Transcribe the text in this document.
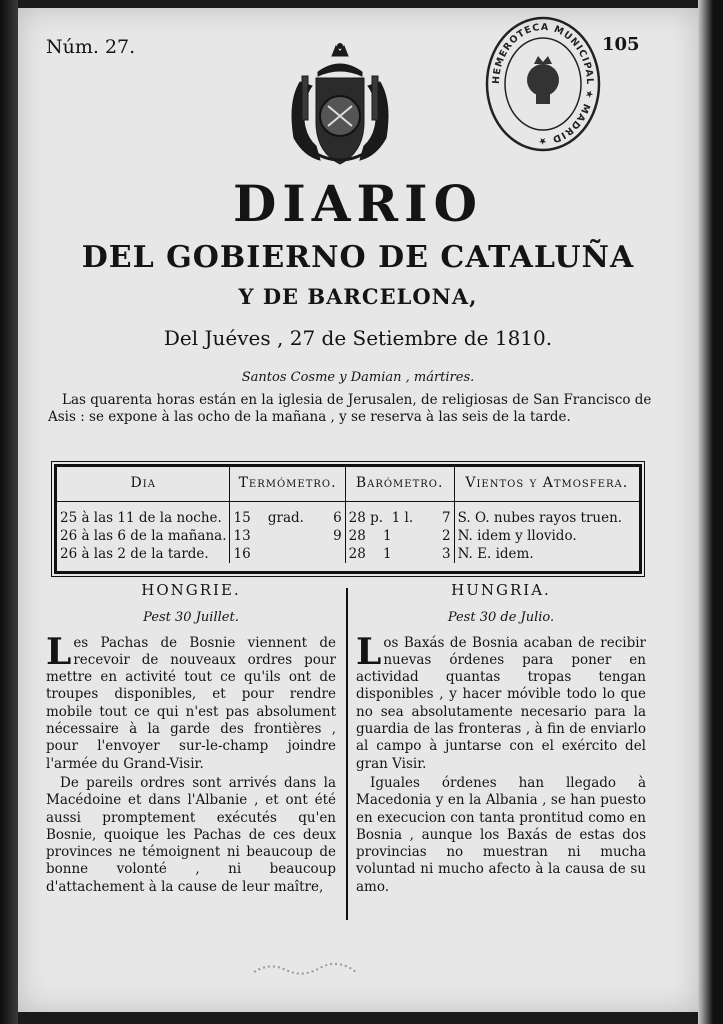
Núm. 27.	105
HEMEROTECA MUNICIPAL ★ MADRID ★
DIARIO
DEL GOBIERNO DE CATALUÑA
Y DE BARCELONA,
Del Juéves , 27 de Setiembre de 1810.
Santos Cosme y Damian , mártires.
Las quarenta horas están en la iglesia de Jerusalen, de religiosas de San Francisco de Asis : se expone à las ocho de la mañana , y se reserva à las seis de la tarde.
Dia	Termómetro.	Barómetro.	Vientos y Atmosfera.
25 à las 11 de la noche.	15 grad. 6	28 p. 1 l. 7	S. O. nubes rayos truen.
26 à las 6 de la mañana.	13 9	28 1 2	N. idem y llovido.
26 à las 2 de la tarde.	16	28 1 3	N. E. idem.
HONGRIE.
Pest 30 Juillet.

Les Pachas de Bosnie viennent de recevoir de nouveaux ordres pour mettre en activité tout ce qu'ils ont de troupes disponibles, et pour rendre mobile tout ce qui n'est pas absolument nécessaire à la garde des frontières , pour l'envoyer sur-le-champ joindre l'armée du Grand-Visir.

De pareils ordres sont arrivés dans la Macédoine et dans l'Albanie , et ont été aussi promptement exécutés qu'en Bosnie, quoique les Pachas de ces deux provinces ne témoignent ni beaucoup de bonne volonté , ni beaucoup d'attachement à la cause de leur maître,

HUNGRIA.
Pest 30 de Julio.

Los Baxás de Bosnia acaban de recibir nuevas órdenes para poner en actividad quantas tropas tengan disponibles , y hacer móvible todo lo que no sea absolutamente necesario para la guardia de las fronteras , à fin de enviarlo al campo à juntarse con el exército del gran Visir.

Iguales órdenes han llegado à Macedonia y en la Albania , se han puesto en execucion con tanta prontitud como en Bosnia , aunque los Baxás de estas dos provincias no muestran ni mucha voluntad ni mucho afecto à la causa de su amo.
